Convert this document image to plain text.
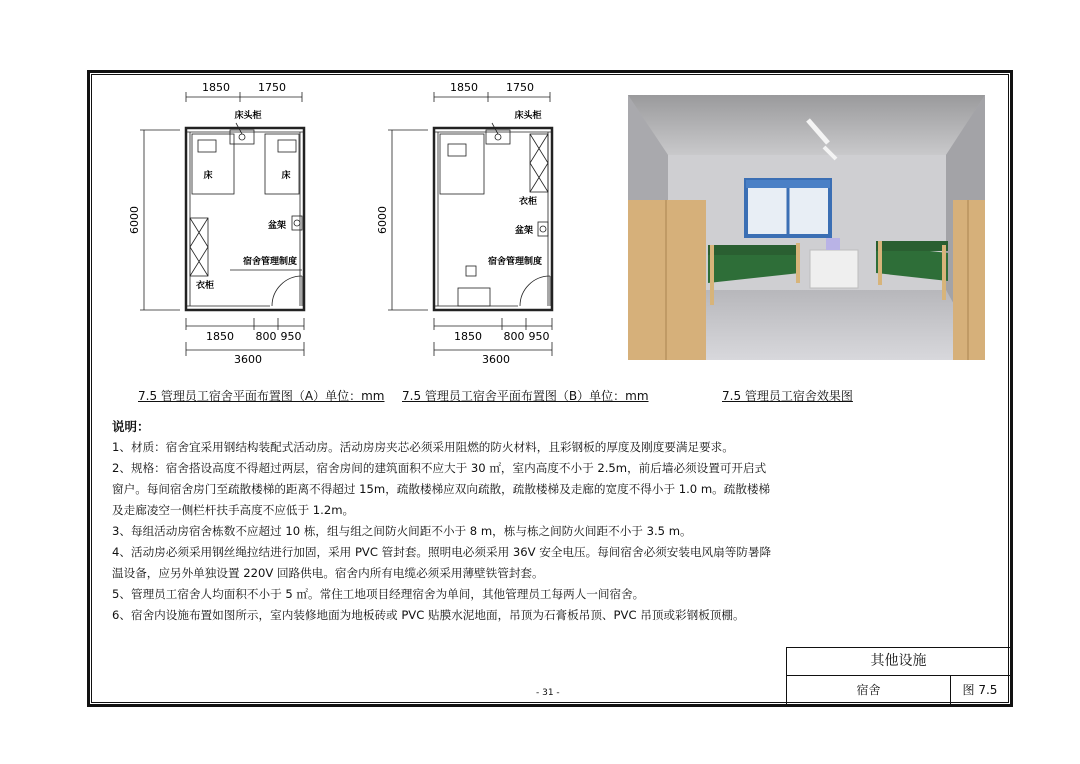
1850	1750
6000
床头柜
床	床
盆架
宿舍管理制度
衣柜
1850 800 950
3600
1850	1750
6000
床头柜
衣柜
盆架
宿舍管理制度
1850 800 950
3600
7.5 管理员工宿舍平面布置图（A）单位：mm 7.5 管理员工宿舍平面布置图（B）单位：mm	7.5 管理员工宿舍效果图

说明：

1、材质：宿舍宜采用钢结构装配式活动房。活动房房夹芯必须采用阻燃的防火材料，且彩钢板的厚度及刚度要满足要求。

2、规格：宿舍搭设高度不得超过两层，宿舍房间的建筑面积不应大于 30 ㎡，室内高度不小于 2.5m，前后墙必须设置可开启式窗户。每间宿舍房门至疏散楼梯的距离不得超过 15m，疏散楼梯应双向疏散，疏散楼梯及走廊的宽度不得小于 1.0 m。疏散楼梯及走廊凌空一侧栏杆扶手高度不应低于 1.2m。

3、每组活动房宿舍栋数不应超过 10 栋，组与组之间防火间距不小于 8 m，栋与栋之间防火间距不小于 3.5 m。

4、活动房必须采用钢丝绳拉结进行加固，采用 PVC 管封套。照明电必须采用 36V 安全电压。每间宿舍必须安装电风扇等防暑降温设备，应另外单独设置 220V 回路供电。宿舍内所有电缆必须采用薄壁铁管封套。

5、管理员工宿舍人均面积不小于 5 ㎡。常住工地项目经理宿舍为单间，其他管理员工每两人一间宿舍。

6、宿舍内设施布置如图所示，室内装修地面为地板砖或 PVC 贴膜水泥地面，吊顶为石膏板吊顶、PVC 吊顶或彩钢板顶棚。

其他设施
宿舍	图 7.5
- 31 -
